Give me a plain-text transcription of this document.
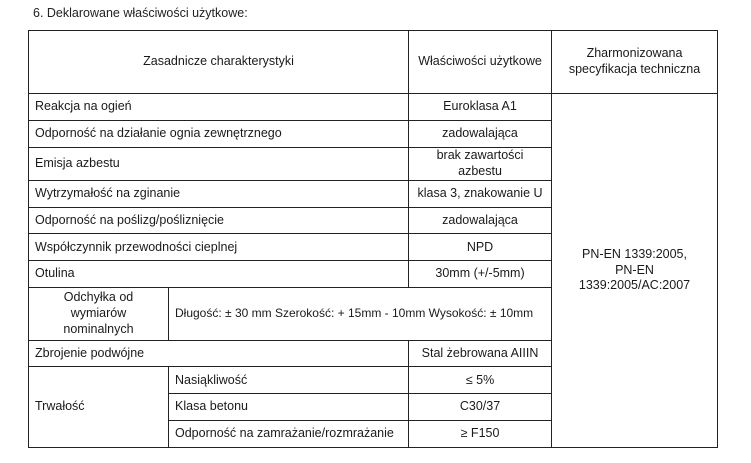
6. Deklarowane właściwości użytkowe:
Zasadnicze charakterystyki		Właściwości użytkowe	Zharmonizowana specyfikacja techniczna
Reakcja na ogień		Euroklasa A1	PN-EN 1339:2005,
PN-EN 1339:2005/AC:2007

Odporność na działanie ognia zewnętrznego		zadowalająca	
Emisja azbestu		brak zawartości azbestu	
Wytrzymałość na zginanie		klasa 3, znakowanie U	
Odporność na poślizg/pośliznięcie		zadowalająca	
Współczynnik przewodności cieplnej		NPD	
Otulina		30mm (+/-5mm)	
Odchyłka od wymiarów nominalnych	Długość: ± 30 mm Szerokość: + 15mm - 10mm Wysokość: ± 10mm		
Zbrojenie podwójne		Stal żebrowana AIIIN	
Trwałość	Nasiąkliwość	≤ 5%	
	Klasa betonu	C30/37	
	Odporność na zamrażanie/rozmrażanie	≥ F150	
